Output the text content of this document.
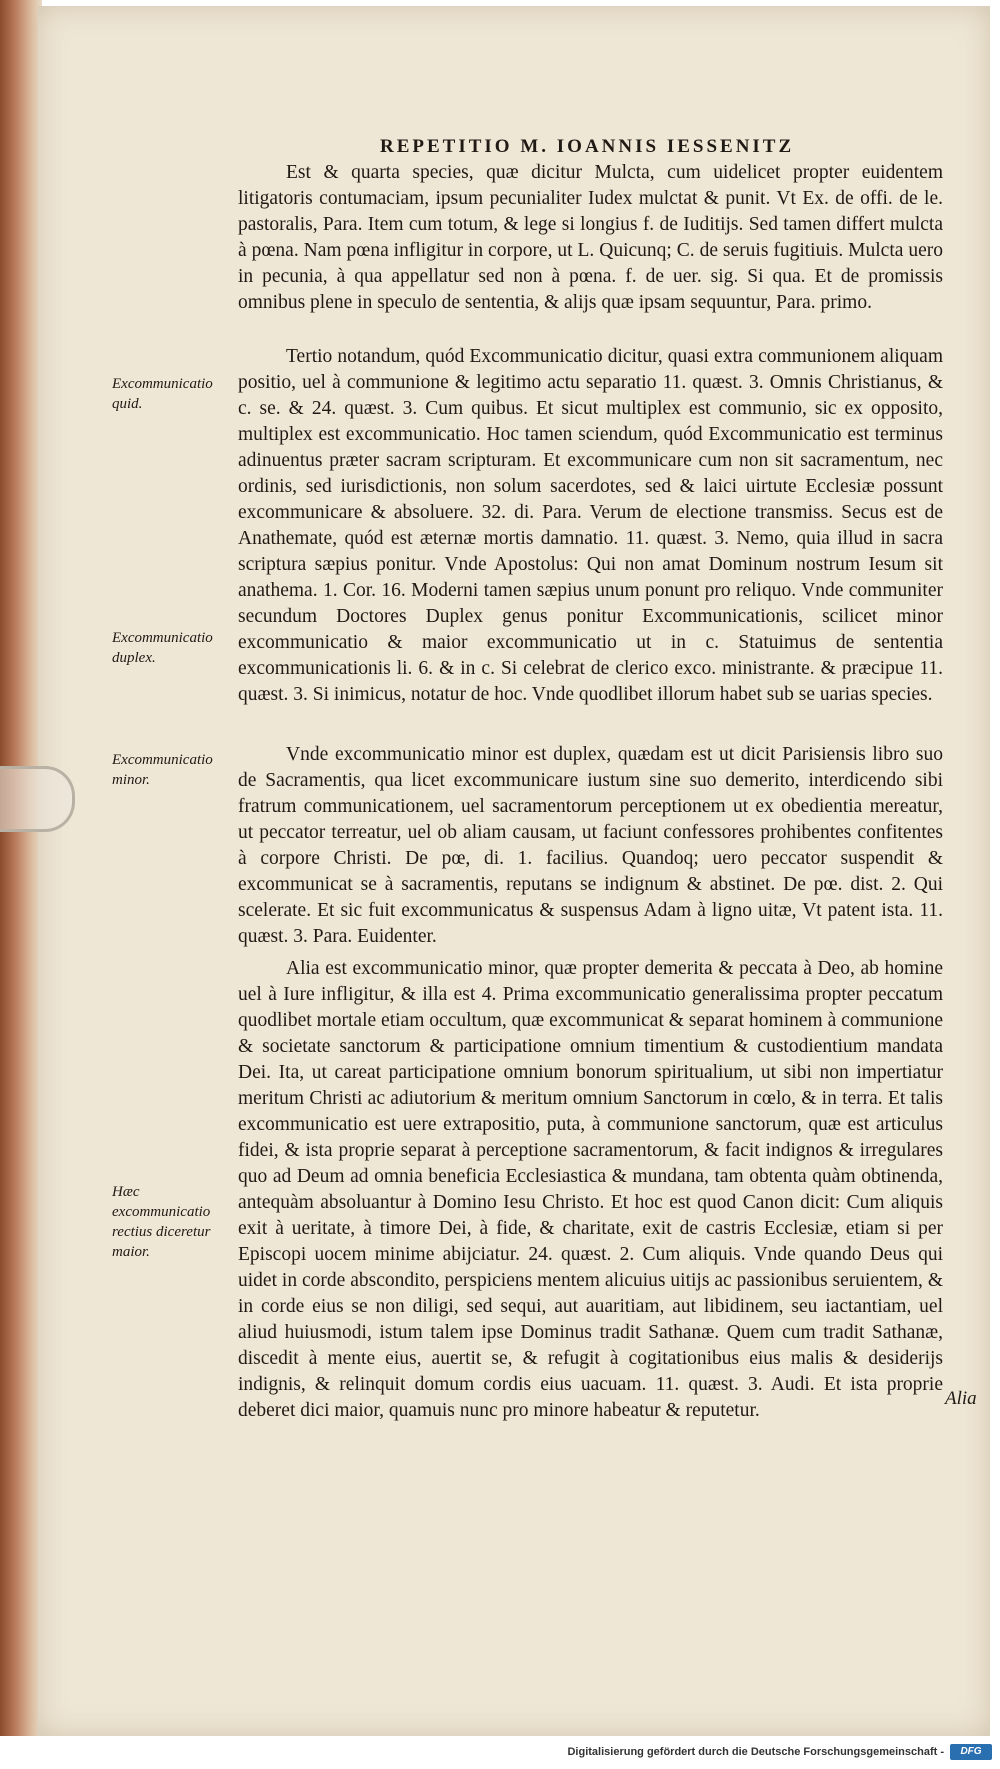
REPETITIO M. IOANNIS IESSENITZ

Est & quarta species, quæ dicitur Mulcta, cum uidelicet propter euidentem litigatoris contumaciam, ipsum pecunialiter Iudex mulctat & punit. Vt Ex. de offi. de le. pastoralis, Para. Item cum totum, & lege si longius f. de Iuditijs. Sed tamen differt mulcta à pœna. Nam pœna infligitur in corpore, ut L. Quicunq; C. de seruis fugitiuis. Mulcta uero in pecunia, à qua appellatur sed non à pœna. f. de uer. sig. Si qua. Et de promissis omnibus plene in speculo de sententia, & alijs quæ ipsam sequuntur, Para. primo.

Tertio notandum, quód Excommunicatio dicitur, quasi extra communionem aliquam positio, uel à communione & legitimo actu separatio 11. quæst. 3. Omnis Christianus, & c. se. & 24. quæst. 3. Cum quibus. Et sicut multiplex est communio, sic ex opposito, multiplex est excommunicatio. Hoc tamen sciendum, quód Excommunicatio est terminus adinuentus præter sacram scripturam. Et excommunicare cum non sit sacramentum, nec ordinis, sed iurisdictionis, non solum sacerdotes, sed & laici uirtute Ecclesiæ possunt excommunicare & absoluere. 32. di. Para. Verum de electione transmiss. Secus est de Anathemate, quód est æternæ mortis damnatio. 11. quæst. 3. Nemo, quia illud in sacra scriptura sæpius ponitur. Vnde Apostolus: Qui non amat Dominum nostrum Iesum sit anathema. 1. Cor. 16. Moderni tamen sæpius unum ponunt pro reliquo. Vnde communiter secundum Doctores Duplex genus ponitur Excommunicationis, scilicet minor excommunicatio & maior excommunicatio ut in c. Statuimus de sententia excommunicationis li. 6. & in c. Si celebrat de clerico exco. ministrante. & præcipue 11. quæst. 3. Si inimicus, notatur de hoc. Vnde quodlibet illorum habet sub se uarias species.

Vnde excommunicatio minor est duplex, quædam est ut dicit Parisiensis libro suo de Sacramentis, qua licet excommunicare iustum sine suo demerito, interdicendo sibi fratrum communicationem, uel sacramentorum perceptionem ut ex obedientia mereatur, ut peccator terreatur, uel ob aliam causam, ut faciunt confessores prohibentes confitentes à corpore Christi. De pœ, di. 1. facilius. Quandoq; uero peccator suspendit & excommunicat se à sacramentis, reputans se indignum & abstinet. De pœ. dist. 2. Qui scelerate. Et sic fuit excommunicatus & suspensus Adam à ligno uitæ, Vt patent ista. 11. quæst. 3. Para. Euidenter.

Alia est excommunicatio minor, quæ propter demerita & peccata à Deo, ab homine uel à Iure infligitur, & illa est 4. Prima excommunicatio generalissima propter peccatum quodlibet mortale etiam occultum, quæ excommunicat & separat hominem à communione & societate sanctorum & participatione omnium timentium & custodientium mandata Dei. Ita, ut careat participatione omnium bonorum spiritualium, ut sibi non impertiatur meritum Christi ac adiutorium & meritum omnium Sanctorum in cœlo, & in terra. Et talis excommunicatio est uere extrapositio, puta, à communione sanctorum, quæ est articulus fidei, & ista proprie separat à perceptione sacramentorum, & facit indignos & irregulares quo ad Deum ad omnia beneficia Ecclesiastica & mundana, tam obtenta quàm obtinenda, antequàm absoluantur à Domino Iesu Christo. Et hoc est quod Canon dicit: Cum aliquis exit à ueritate, à timore Dei, à fide, & charitate, exit de castris Ecclesiæ, etiam si per Episcopi uocem minime abijciatur. 24. quæst. 2. Cum aliquis. Vnde quando Deus qui uidet in corde abscondito, perspiciens mentem alicuius uitijs ac passionibus seruientem, & in corde eius se non diligi, sed sequi, aut auaritiam, aut libidinem, seu iactantiam, uel aliud huiusmodi, istum talem ipse Dominus tradit Sathanæ. Quem cum tradit Sathanæ, discedit à mente eius, auertit se, & refugit à cogitationibus eius malis & desiderijs indignis, & relinquit domum cordis eius uacuam. 11. quæst. 3. Audi. Et ista proprie deberet dici maior, quamuis nunc pro minore habeatur & reputetur.

Excommunicatio quid.
Excommunicatio duplex.
Excommunicatio minor.
Hæc excommunicatio rectius diceretur maior.
Alia
Digitalisierung gefördert durch die Deutsche Forschungsgemeinschaft -	DFG
